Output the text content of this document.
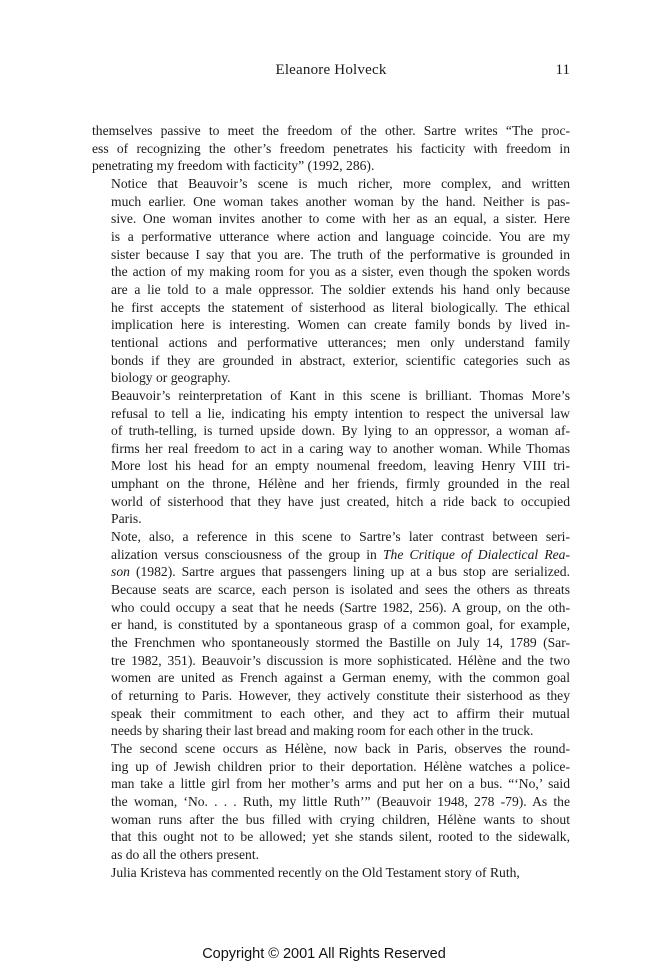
Eleanore Holveck	11

themselves passive to meet the freedom of the other. Sartre writes “The proc-
ess of recognizing the other’s freedom penetrates his facticity with freedom in
penetrating my freedom with facticity” (1992, 286).

Notice that Beauvoir’s scene is much richer, more complex, and written
much earlier. One woman takes another woman by the hand. Neither is pas-
sive. One woman invites another to come with her as an equal, a sister. Here
is a performative utterance where action and language coincide. You are my
sister because I say that you are. The truth of the performative is grounded in
the action of my making room for you as a sister, even though the spoken words
are a lie told to a male oppressor. The soldier extends his hand only because
he first accepts the statement of sisterhood as literal biologically. The ethical
implication here is interesting. Women can create family bonds by lived in-
tentional actions and performative utterances; men only understand family
bonds if they are grounded in abstract, exterior, scientific categories such as
biology or geography.

Beauvoir’s reinterpretation of Kant in this scene is brilliant. Thomas More’s
refusal to tell a lie, indicating his empty intention to respect the universal law
of truth-telling, is turned upside down. By lying to an oppressor, a woman af-
firms her real freedom to act in a caring way to another woman. While Thomas
More lost his head for an empty noumenal freedom, leaving Henry VIII tri-
umphant on the throne, Hélène and her friends, firmly grounded in the real
world of sisterhood that they have just created, hitch a ride back to occupied
Paris.

Note, also, a reference in this scene to Sartre’s later contrast between seri-
alization versus consciousness of the group in The Critique of Dialectical Rea-
son (1982). Sartre argues that passengers lining up at a bus stop are serialized.
Because seats are scarce, each person is isolated and sees the others as threats
who could occupy a seat that he needs (Sartre 1982, 256). A group, on the oth-
er hand, is constituted by a spontaneous grasp of a common goal, for example,
the Frenchmen who spontaneously stormed the Bastille on July 14, 1789 (Sar-
tre 1982, 351). Beauvoir’s discussion is more sophisticated. Hélène and the two
women are united as French against a German enemy, with the common goal
of returning to Paris. However, they actively constitute their sisterhood as they
speak their commitment to each other, and they act to affirm their mutual
needs by sharing their last bread and making room for each other in the truck.

The second scene occurs as Hélène, now back in Paris, observes the round-
ing up of Jewish children prior to their deportation. Hélène watches a police-
man take a little girl from her mother’s arms and put her on a bus. “‘No,’ said
the woman, ‘No. . . . Ruth, my little Ruth’” (Beauvoir 1948, 278 -79). As the
woman runs after the bus filled with crying children, Hélène wants to shout
that this ought not to be allowed; yet she stands silent, rooted to the sidewalk,
as do all the others present.

Julia Kristeva has commented recently on the Old Testament story of Ruth,

Copyright © 2001 All Rights Reserved
